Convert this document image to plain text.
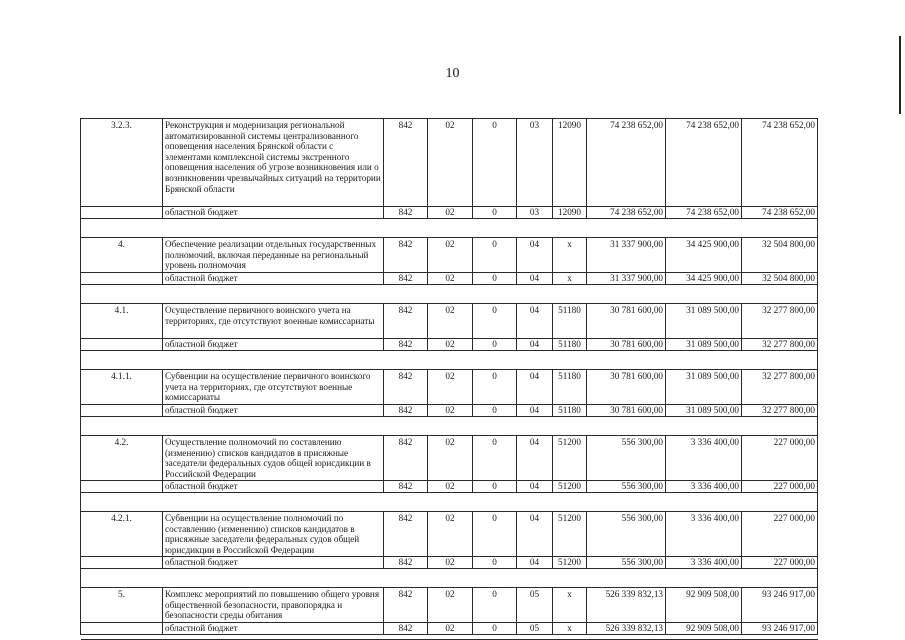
10
3.2.3.	Реконструкция и модернизация региональной автоматизированной системы централизованного оповещения населения Брянской области с элементами комплексной системы экстренного оповещения населения об угрозе возникновения или о возникновении чрезвычайных ситуаций на территории Брянской области	842	02	0	03	12090	74 238 652,00	74 238 652,00	74 238 652,00
	областной бюджет	842	02	0	03	12090	74 238 652,00	74 238 652,00	74 238 652,00

4.	Обеспечение реализации отдельных государственных полномочий, включая переданные на региональный уровень полномочия	842	02	0	04	х	31 337 900,00	34 425 900,00	32 504 800,00
	областной бюджет	842	02	0	04	х	31 337 900,00	34 425 900,00	32 504 800,00

4.1.	Осуществление первичного воинского учета на территориях, где отсутствуют военные комиссариаты	842	02	0	04	51180	30 781 600,00	31 089 500,00	32 277 800,00
	областной бюджет	842	02	0	04	51180	30 781 600,00	31 089 500,00	32 277 800,00

4.1.1.	Субвенции на осуществление первичного воинского учета на территориях, где отсутствуют военные комиссариаты	842	02	0	04	51180	30 781 600,00	31 089 500,00	32 277 800,00
	областной бюджет	842	02	0	04	51180	30 781 600,00	31 089 500,00	32 277 800,00

4.2.	Осуществление полномочий по составлению (изменению) списков кандидатов в присяжные заседатели федеральных судов общей юрисдикции в Российской Федерации	842	02	0	04	51200	556 300,00	3 336 400,00	227 000,00
	областной бюджет	842	02	0	04	51200	556 300,00	3 336 400,00	227 000,00

4.2.1.	Субвенции на осуществление полномочий по составлению (изменению) списков кандидатов в присяжные заседатели федеральных судов общей юрисдикции в Российской Федерации	842	02	0	04	51200	556 300,00	3 336 400,00	227 000,00
	областной бюджет	842	02	0	04	51200	556 300,00	3 336 400,00	227 000,00

5.	Комплекс мероприятий по повышению общего уровня общественной безопасности, правопорядка и безопасности среды обитания	842	02	0	05	х	526 339 832,13	92 909 508,00	93 246 917,00
	областной бюджет	842	02	0	05	х	526 339 832,13	92 909 508,00	93 246 917,00
